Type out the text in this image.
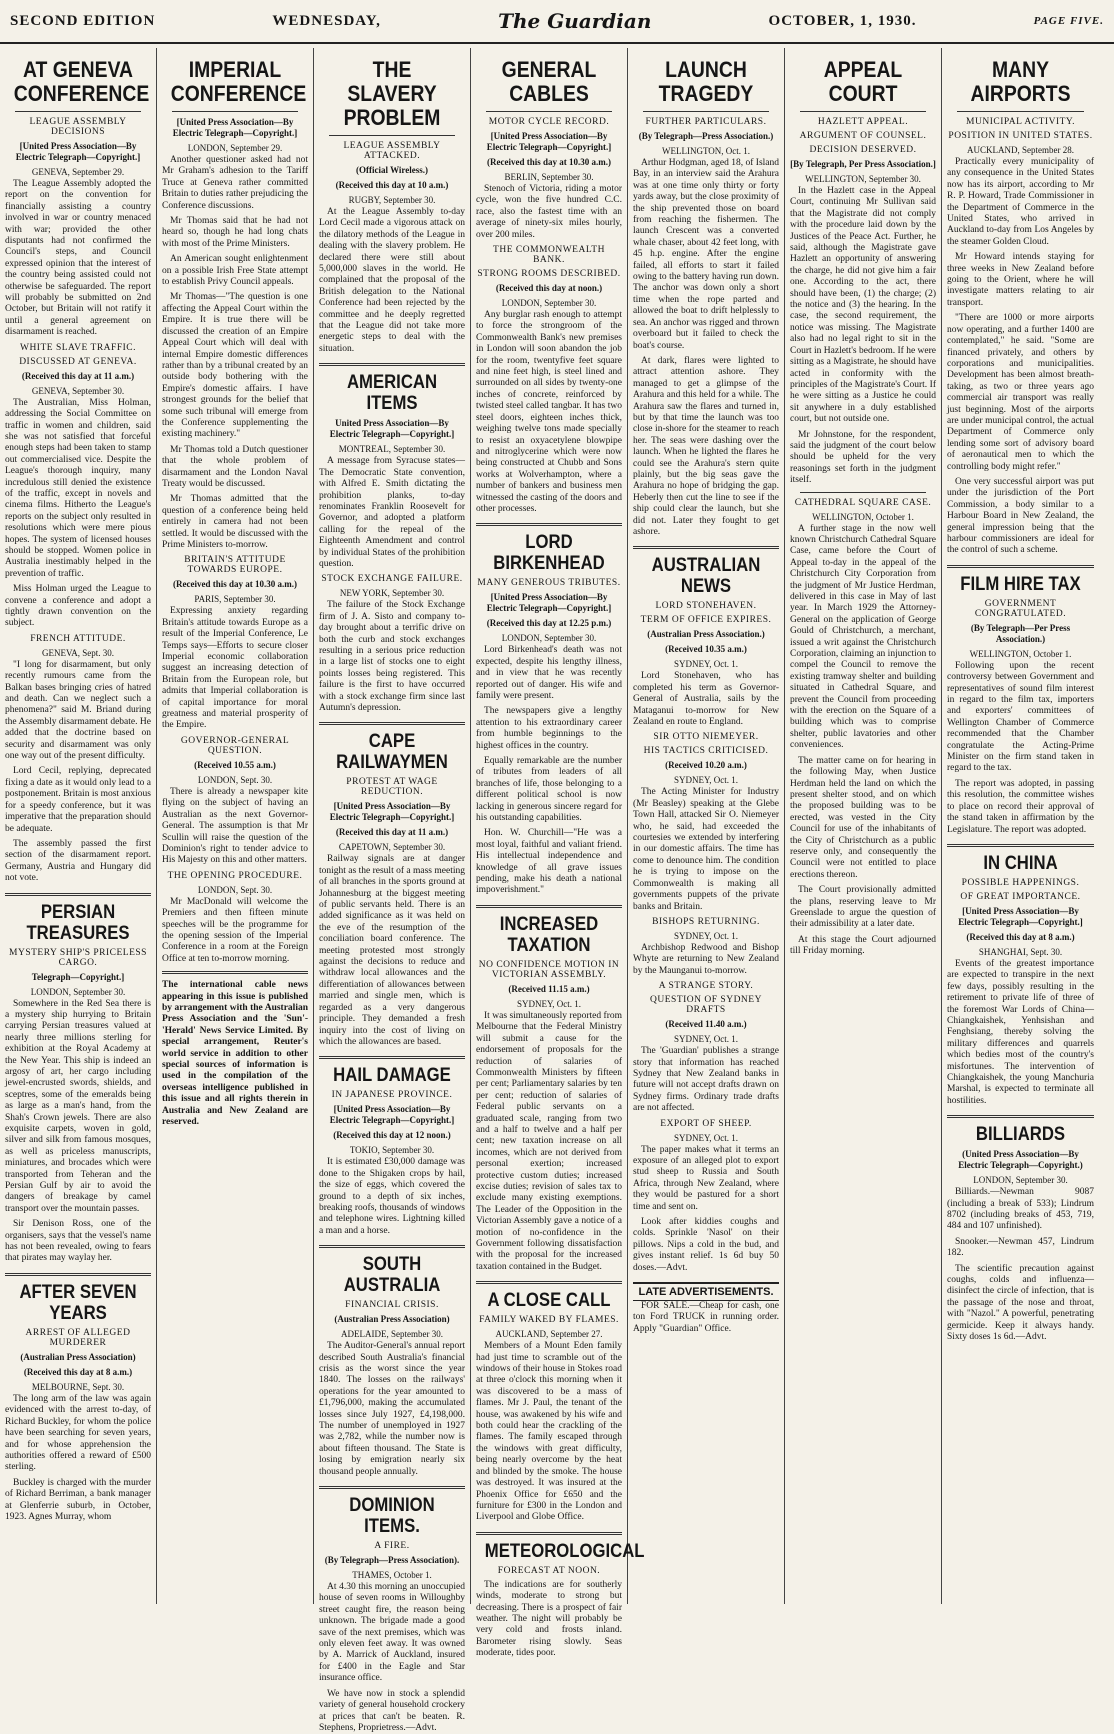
SECOND EDITION	WEDNESDAY,	The Guardian	OCTOBER, 1, 1930.	PAGE FIVE.
AT GENEVA CONFERENCE
LEAGUE ASSEMBLY DECISIONS
[United Press Association—By Electric Telegraph—Copyright.]
GENEVA, September 29.

The League Assembly adopted the report on the convention for financially assisting a country involved in war or country menaced with war; provided the other disputants had not confirmed the Council's steps, and Council expressed opinion that the interest of the country being assisted could not otherwise be safeguarded. The report will probably be submitted on 2nd October, but Britain will not ratify it until a general agreement on disarmament is reached.

WHITE SLAVE TRAFFIC.
DISCUSSED AT GENEVA.
(Received this day at 11 a.m.)
GENEVA, September 30.

The Australian, Miss Holman, addressing the Social Committee on traffic in women and children, said she was not satisfied that forceful enough steps had been taken to stamp out commercialised vice. Despite the League's thorough inquiry, many incredulous still denied the existence of the traffic, except in novels and cinema films. Hitherto the League's reports on the subject only resulted in resolutions which were mere pious hopes. The system of licensed houses should be stopped. Women police in Australia inestimably helped in the prevention of traffic.

Miss Holman urged the League to convene a conference and adopt a tightly drawn convention on the subject.

FRENCH ATTITUDE.
GENEVA, Sept. 30.

"I long for disarmament, but only recently rumours came from the Balkan bases bringing cries of hatred and death. Can we neglect such a phenomena?" said M. Briand during the Assembly disarmament debate. He added that the doctrine based on security and disarmament was only one way out of the present difficulty.

Lord Cecil, replying, deprecated fixing a date as it would only lead to a postponement. Britain is most anxious for a speedy conference, but it was imperative that the preparation should be adequate.

The assembly passed the first section of the disarmament report. Germany, Austria and Hungary did not vote.

PERSIAN TREASURES
MYSTERY SHIP'S PRICELESS CARGO.
Telegraph—Copyright.]
LONDON, September 30.

Somewhere in the Red Sea there is a mystery ship hurrying to Britain carrying Persian treasures valued at nearly three millions sterling for exhibition at the Royal Academy at the New Year. This ship is indeed an argosy of art, her cargo including jewel-encrusted swords, shields, and sceptres, some of the emeralds being as large as a man's hand, from the Shah's Crown jewels. There are also exquisite carpets, woven in gold, silver and silk from famous mosques, as well as priceless manuscripts, miniatures, and brocades which were transported from Teheran and the Persian Gulf by air to avoid the dangers of breakage by camel transport over the mountain passes.

Sir Denison Ross, one of the organisers, says that the vessel's name has not been revealed, owing to fears that pirates may waylay her.

AFTER SEVEN YEARS
ARREST OF ALLEGED MURDERER
(Australian Press Association)
(Received this day at 8 a.m.)
MELBOURNE, Sept. 30.

The long arm of the law was again evidenced with the arrest to-day, of Richard Buckley, for whom the police have been searching for seven years, and for whose apprehension the authorities offered a reward of £500 sterling.

Buckley is charged with the murder of Richard Berriman, a bank manager at Glenferrie suburb, in October, 1923. Agnes Murray, whom

IMPERIAL CONFERENCE
[United Press Association—By Electric Telegraph—Copyright.]
LONDON, September 29.

Another questioner asked had not Mr Graham's adhesion to the Tariff Truce at Geneva rather committed Britain to duties rather prejudicing the Conference discussions.

Mr Thomas said that he had not heard so, though he had long chats with most of the Prime Ministers.

An American sought enlightenment on a possible Irish Free State attempt to establish Privy Council appeals.

Mr Thomas—"The question is one affecting the Appeal Court within the Empire. It is true there will be discussed the creation of an Empire Appeal Court which will deal with internal Empire domestic differences rather than by a tribunal created by an outside body bothering with the Empire's domestic affairs. I have strongest grounds for the belief that some such tribunal will emerge from the Conference supplementing the existing machinery."

Mr Thomas told a Dutch questioner that the whole problem of disarmament and the London Naval Treaty would be discussed.

Mr Thomas admitted that the question of a conference being held entirely in camera had not been settled. It would be discussed with the Prime Ministers to-morrow.

BRITAIN'S ATTITUDE TOWARDS EUROPE.
(Received this day at 10.30 a.m.)
PARIS, September 30.

Expressing anxiety regarding Britain's attitude towards Europe as a result of the Imperial Conference, Le Temps says—Efforts to secure closer Imperial economic collaboration suggest an increasing detection of Britain from the European role, but admits that Imperial collaboration is of capital importance for moral greatness and material prosperity of the Empire.

GOVERNOR-GENERAL QUESTION.
(Received 10.55 a.m.)
LONDON, Sept. 30.

There is already a newspaper kite flying on the subject of having an Australian as the next Governor-General. The assumption is that Mr Scullin will raise the question of the Dominion's right to tender advice to His Majesty on this and other matters.

THE OPENING PROCEDURE.
LONDON, Sept. 30.

Mr MacDonald will welcome the Premiers and then fifteen minute speeches will be the programme for the opening session of the Imperial Conference in a room at the Foreign Office at ten to-morrow morning.

The international cable news appearing in this issue is published by arrangement with the Australian Press Association and the 'Sun'-'Herald' News Service Limited. By special arrangement, Reuter's world service in addition to other special sources of information is used in the compilation of the overseas intelligence published in this issue and all rights therein in Australia and New Zealand are reserved.

THE SLAVERY PROBLEM
LEAGUE ASSEMBLY ATTACKED.
(Official Wireless.)
(Received this day at 10 a.m.)
RUGBY, September 30.

At the League Assembly to-day Lord Cecil made a vigorous attack on the dilatory methods of the League in dealing with the slavery problem. He declared there were still about 5,000,000 slaves in the world. He complained that the proposal of the British delegation to the National Conference had been rejected by the committee and he deeply regretted that the League did not take more energetic steps to deal with the situation.

AMERICAN ITEMS
United Press Association—By Electric Telegraph—Copyright.]
MONTREAL, September 30.

A message from Syracuse states—The Democratic State convention, with Alfred E. Smith dictating the prohibition planks, to-day renominates Franklin Roosevelt for Governor, and adopted a platform calling for the repeal of the Eighteenth Amendment and control by individual States of the prohibition question.

STOCK EXCHANGE FAILURE.
NEW YORK, September 30.

The failure of the Stock Exchange firm of J. A. Sisto and company to-day brought about a terrific drive on both the curb and stock exchanges resulting in a serious price reduction in a large list of stocks one to eight points losses being registered. This failure is the first to have occurred with a stock exchange firm since last Autumn's depression.

CAPE RAILWAYMEN
PROTEST AT WAGE REDUCTION.
[United Press Association—By Electric Telegraph—Copyright.]
(Received this day at 11 a.m.)
CAPETOWN, September 30.

Railway signals are at danger tonight as the result of a mass meeting of all branches in the sports ground at Johannesburg at the biggest meeting of public servants held. There is an added significance as it was held on the eve of the resumption of the conciliation board conference. The meeting protested most strongly against the decisions to reduce and withdraw local allowances and the differentiation of allowances between married and single men, which is regarded as a very dangerous principle. They demanded a fresh inquiry into the cost of living on which the allowances are based.

HAIL DAMAGE
IN JAPANESE PROVINCE.
[United Press Association—By Electric Telegraph—Copyright.]
(Received this day at 12 noon.)
TOKIO, September 30.

It is estimated £30,000 damage was done to the Shigaken crops by hail, the size of eggs, which covered the ground to a depth of six inches, breaking roofs, thousands of windows and telephone wires. Lightning killed a man and a horse.

SOUTH AUSTRALIA
FINANCIAL CRISIS.
(Australian Press Association)
ADELAIDE, September 30.

The Auditor-General's annual report described South Australia's financial crisis as the worst since the year 1840. The losses on the railways' operations for the year amounted to £1,796,000, making the accumulated losses since July 1927, £4,198,000. The number of unemployed in 1927 was 2,782, while the number now is about fifteen thousand. The State is losing by emigration nearly six thousand people annually.

DOMINION ITEMS.
A FIRE.
(By Telegraph—Press Association).
THAMES, October 1.

At 4.30 this morning an unoccupied house of seven rooms in Willoughby street caught fire, the reason being unknown. The brigade made a good save of the next premises, which was only eleven feet away. It was owned by A. Marrick of Auckland, insured for £400 in the Eagle and Star insurance office.

We have now in stock a splendid variety of general household crockery at prices that can't be beaten. R. Stephens, Proprietress.—Advt.

GENERAL CABLES
MOTOR CYCLE RECORD.
[United Press Association—By Electric Telegraph—Copyright.]
(Received this day at 10.30 a.m.)
BERLIN, September 30.

Stenoch of Victoria, riding a motor cycle, won the five hundred C.C. race, also the fastest time with an average of ninety-six miles hourly, over 200 miles.

THE COMMONWEALTH BANK.
STRONG ROOMS DESCRIBED.
(Received this day at noon.)
LONDON, September 30.

Any burglar rash enough to attempt to force the strongroom of the Commonwealth Bank's new premises in London will soon abandon the job for the room, twentyfive feet square and nine feet high, is steel lined and surrounded on all sides by twenty-one inches of concrete, reinforced by twisted steel called tangbar. It has two steel doors, eighteen inches thick, weighing twelve tons made specially to resist an oxyacetylene blowpipe and nitroglycerine which were now being constructed at Chubb and Sons works at Wolverhampton, where a number of bankers and business men witnessed the casting of the doors and other processes.

LORD BIRKENHEAD
MANY GENEROUS TRIBUTES.
[United Press Association—By Electric Telegraph—Copyright.]
(Received this day at 12.25 p.m.)
LONDON, September 30.

Lord Birkenhead's death was not expected, despite his lengthy illness, and in view that he was recently reported out of danger. His wife and family were present.

The newspapers give a lengthy attention to his extraordinary career from humble beginnings to the highest offices in the country.

Equally remarkable are the number of tributes from leaders of all branches of life, those belonging to a different political school is now lacking in generous sincere regard for his outstanding capabilities.

Hon. W. Churchill—"He was a most loyal, faithful and valiant friend. His intellectual independence and knowledge of all grave issues pending, make his death a national impoverishment."

INCREASED TAXATION
NO CONFIDENCE MOTION IN VICTORIAN ASSEMBLY.
(Received 11.15 a.m.)
SYDNEY, Oct. 1.

It was simultaneously reported from Melbourne that the Federal Ministry will submit a cause for the endorsement of proposals for the reduction of salaries of Commonwealth Ministers by fifteen per cent; Parliamentary salaries by ten per cent; reduction of salaries of Federal public servants on a graduated scale, ranging from two and a half to twelve and a half per cent; new taxation increase on all incomes, which are not derived from personal exertion; increased protective custom duties; increased excise duties; revision of sales tax to exclude many existing exemptions. The Leader of the Opposition in the Victorian Assembly gave a notice of a motion of no-confidence in the Government following dissatisfaction with the proposal for the increased taxation contained in the Budget.

A CLOSE CALL
FAMILY WAKED BY FLAMES.
AUCKLAND, September 27.

Members of a Mount Eden family had just time to scramble out of the windows of their house in Stokes road at three o'clock this morning when it was discovered to be a mass of flames. Mr J. Paul, the tenant of the house, was awakened by his wife and both could hear the crackling of the flames. The family escaped through the windows with great difficulty, being nearly overcome by the heat and blinded by the smoke. The house was destroyed. It was insured at the Phoenix Office for £650 and the furniture for £300 in the London and Liverpool and Globe Office.

METEOROLOGICAL
FORECAST AT NOON.

The indications are for southerly winds, moderate to strong but decreasing. There is a prospect of fair weather. The night will probably be very cold and frosts inland. Barometer rising slowly. Seas moderate, tides poor.

LAUNCH TRAGEDY
FURTHER PARTICULARS.
(By Telegraph—Press Association.)
WELLINGTON, Oct. 1.

Arthur Hodgman, aged 18, of Island Bay, in an interview said the Arahura was at one time only thirty or forty yards away, but the close proximity of the ship prevented those on board from reaching the fishermen. The launch Crescent was a converted whale chaser, about 42 feet long, with 45 h.p. engine. After the engine failed, all efforts to start it failed owing to the battery having run down. The anchor was down only a short time when the rope parted and allowed the boat to drift helplessly to sea. An anchor was rigged and thrown overboard but it failed to check the boat's course.

At dark, flares were lighted to attract attention ashore. They managed to get a glimpse of the Arahura and this held for a while. The Arahura saw the flares and turned in, but by that time the launch was too close in-shore for the steamer to reach her. The seas were dashing over the launch. When he lighted the flares he could see the Arahura's stern quite plainly, but the big seas gave the Arahura no hope of bridging the gap. Heberly then cut the line to see if the ship could clear the launch, but she did not. Later they fought to get ashore.

AUSTRALIAN NEWS
LORD STONEHAVEN.
TERM OF OFFICE EXPIRES.
(Australian Press Association.)
(Received 10.35 a.m.)
SYDNEY, Oct. 1.

Lord Stonehaven, who has completed his term as Governor-General of Australia, sails by the Mataganui to-morrow for New Zealand en route to England.

SIR OTTO NIEMEYER.
HIS TACTICS CRITICISED.
(Received 10.20 a.m.)
SYDNEY, Oct. 1.

The Acting Minister for Industry (Mr Beasley) speaking at the Glebe Town Hall, attacked Sir O. Niemeyer who, he said, had exceeded the courtesies we extended by interfering in our domestic affairs. The time has come to denounce him. The condition he is trying to impose on the Commonwealth is making all governments puppets of the private banks and Britain.

BISHOPS RETURNING.
SYDNEY, Oct. 1.

Archbishop Redwood and Bishop Whyte are returning to New Zealand by the Maunganui to-morrow.

A STRANGE STORY.
QUESTION OF SYDNEY DRAFTS
(Received 11.40 a.m.)
SYDNEY, Oct. 1.

The 'Guardian' publishes a strange story that information has reached Sydney that New Zealand banks in future will not accept drafts drawn on Sydney firms. Ordinary trade drafts are not affected.

EXPORT OF SHEEP.
SYDNEY, Oct. 1.

The paper makes what it terms an exposure of an alleged plot to export stud sheep to Russia and South Africa, through New Zealand, where they would be pastured for a short time and sent on.

Look after kiddies coughs and colds. Sprinkle 'Nasol' on their pillows. Nips a cold in the bud, and gives instant relief. 1s 6d buy 50 doses.—Advt.

LATE ADVERTISEMENTS.

FOR SALE.—Cheap for cash, one ton Ford TRUCK in running order. Apply "Guardian" Office.

APPEAL COURT
HAZLETT APPEAL.
ARGUMENT OF COUNSEL.
DECISION DESERVED.
[By Telegraph, Per Press Association.]
WELLINGTON, September 30.

In the Hazlett case in the Appeal Court, continuing Mr Sullivan said that the Magistrate did not comply with the procedure laid down by the Justices of the Peace Act. Further, he said, although the Magistrate gave Hazlett an opportunity of answering the charge, he did not give him a fair one. According to the act, there should have been, (1) the charge; (2) the notice and (3) the hearing. In the case, the second requirement, the notice was missing. The Magistrate also had no legal right to sit in the Court in Hazlett's bedroom. If he were sitting as a Magistrate, he should have acted in conformity with the principles of the Magistrate's Court. If he were sitting as a Justice he could sit anywhere in a duly established court, but not outside one.

Mr Johnstone, for the respondent, said the judgment of the court below should be upheld for the very reasonings set forth in the judgment itself.

CATHEDRAL SQUARE CASE.
WELLINGTON, October 1.

A further stage in the now well known Christchurch Cathedral Square Case, came before the Court of Appeal to-day in the appeal of the Christchurch City Corporation from the judgment of Mr Justice Herdman, delivered in this case in May of last year. In March 1929 the Attorney-General on the application of George Gould of Christchurch, a merchant, issued a writ against the Christchurch Corporation, claiming an injunction to compel the Council to remove the existing tramway shelter and building situated in Cathedral Square, and prevent the Council from proceeding with the erection on the Square of a building which was to comprise shelter, public lavatories and other conveniences.

The matter came on for hearing in the following May, when Justice Herdman held the land on which the present shelter stood, and on which the proposed building was to be erected, was vested in the City Council for use of the inhabitants of the City of Christchurch as a public reserve only, and consequently the Council were not entitled to place erections thereon.

The Court provisionally admitted the plans, reserving leave to Mr Greenslade to argue the question of their admissibility at a later date.

At this stage the Court adjourned till Friday morning.

MANY AIRPORTS
MUNICIPAL ACTIVITY.
POSITION IN UNITED STATES.
AUCKLAND, September 28.

Practically every municipality of any consequence in the United States now has its airport, according to Mr R. P. Howard, Trade Commissioner in the Department of Commerce in the United States, who arrived in Auckland to-day from Los Angeles by the steamer Golden Cloud.

Mr Howard intends staying for three weeks in New Zealand before going to the Orient, where he will investigate matters relating to air transport.

"There are 1000 or more airports now operating, and a further 1400 are contemplated," he said. "Some are financed privately, and others by corporations and municipalities. Development has been almost breath-taking, as two or three years ago commercial air transport was really just beginning. Most of the airports are under municipal control, the actual Department of Commerce only lending some sort of advisory board of aeronautical men to which the controlling body might refer."

One very successful airport was put under the jurisdiction of the Port Commission, a body similar to a Harbour Board in New Zealand, the general impression being that the harbour commissioners are ideal for the control of such a scheme.

FILM HIRE TAX
GOVERNMENT CONGRATULATED.
(By Telegraph—Per Press Association.)
WELLINGTON, October 1.

Following upon the recent controversy between Government and representatives of sound film interest in regard to the film tax, importers and exporters' committees of Wellington Chamber of Commerce recommended that the Chamber congratulate the Acting-Prime Minister on the firm stand taken in regard to the tax.

The report was adopted, in passing this resolution, the committee wishes to place on record their approval of the stand taken in affirmation by the Legislature. The report was adopted.

IN CHINA
POSSIBLE HAPPENINGS.
OF GREAT IMPORTANCE.
[United Press Association—By Electric Telegraph—Copyright.]
(Received this day at 8 a.m.)
SHANGHAI, Sept. 30.

Events of the greatest importance are expected to transpire in the next few days, possibly resulting in the retirement to private life of three of the foremost War Lords of China—Chiangkaishek, Yenhsishan and Fenghsiang, thereby solving the military differences and quarrels which bedies most of the country's misfortunes. The intervention of Chiangkaishek, the young Manchuria Marshal, is expected to terminate all hostilities.

BILLIARDS
(United Press Association—By Electric Telegraph—Copyright.)
LONDON, September 30.

Billiards.—Newman 9087 (including a break of 533); Lindrum 8702 (including breaks of 453, 719, 484 and 107 unfinished).

Snooker.—Newman 457, Lindrum 182.

The scientific precaution against coughs, colds and influenza—disinfect the circle of infection, that is the passage of the nose and throat, with "Nazol." A powerful, penetrating germicide. Keep it always handy. Sixty doses 1s 6d.—Advt.
